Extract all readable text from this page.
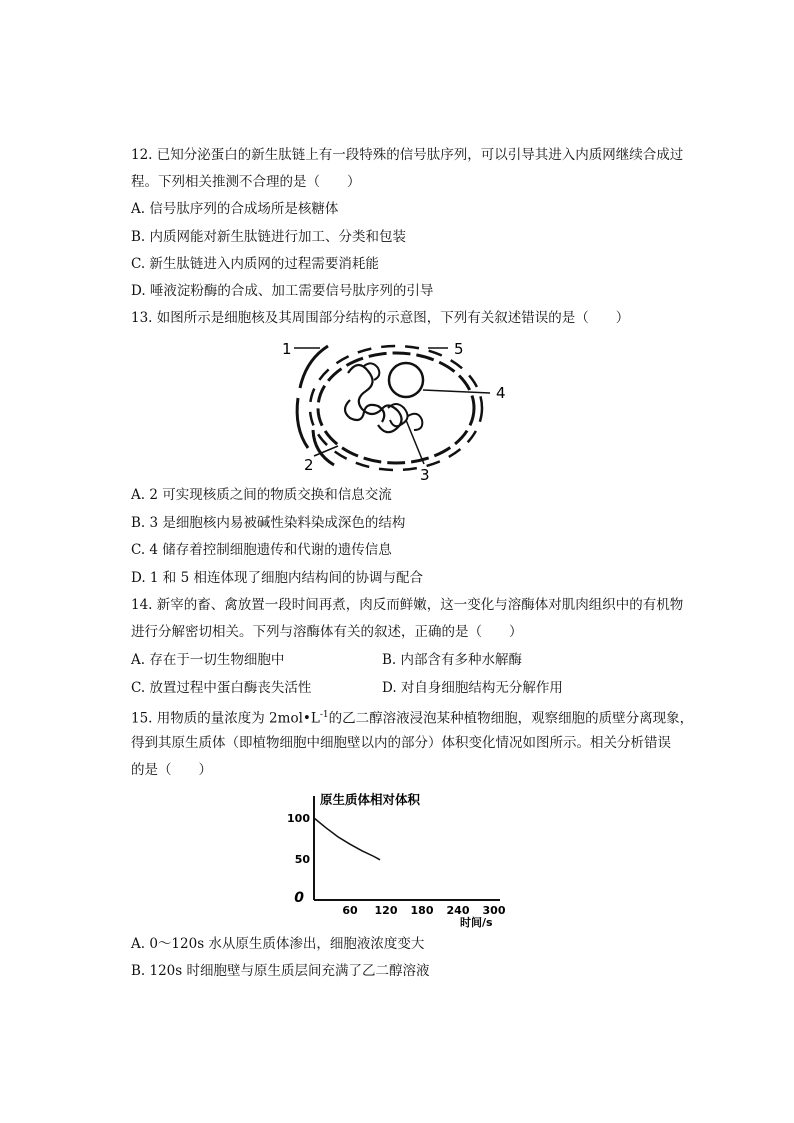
12. 已知分泌蛋白的新生肽链上有一段特殊的信号肽序列，可以引导其进入内质网继续合成过
程。下列相关推测不合理的是（　　）
A. 信号肽序列的合成场所是核糖体
B. 内质网能对新生肽链进行加工、分类和包装
C. 新生肽链进入内质网的过程需要消耗能
D. 唾液淀粉酶的合成、加工需要信号肽序列的引导
13. 如图所示是细胞核及其周围部分结构的示意图，下列有关叙述错误的是（　　）
1
2
3
4
5
A. 2 可实现核质之间的物质交换和信息交流
B. 3 是细胞核内易被碱性染料染成深色的结构
C. 4 储存着控制细胞遗传和代谢的遗传信息
D. 1 和 5 相连体现了细胞内结构间的协调与配合
14. 新宰的畜、禽放置一段时间再煮，肉反而鲜嫩，这一变化与溶酶体对肌肉组织中的有机物
进行分解密切相关。下列与溶酶体有关的叙述，正确的是（　　）
A. 存在于一切生物细胞中	B. 内部含有多种水解酶
C. 放置过程中蛋白酶丧失活性	D. 对自身细胞结构无分解作用
15. 用物质的量浓度为 $2mol•L^{-1}$的乙二醇溶液浸泡某种植物细胞，观察细胞的质壁分离现象，
得到其原生质体（即植物细胞中细胞壁以内的部分）体积变化情况如图所示。相关分析错误
的是（　　）
原生质体相对体积
60 120 180 240 300
0
50
100
时间/s
A. 0～120s 水从原生质体渗出，细胞液浓度变大
B. 120s 时细胞壁与原生质层间充满了乙二醇溶液
